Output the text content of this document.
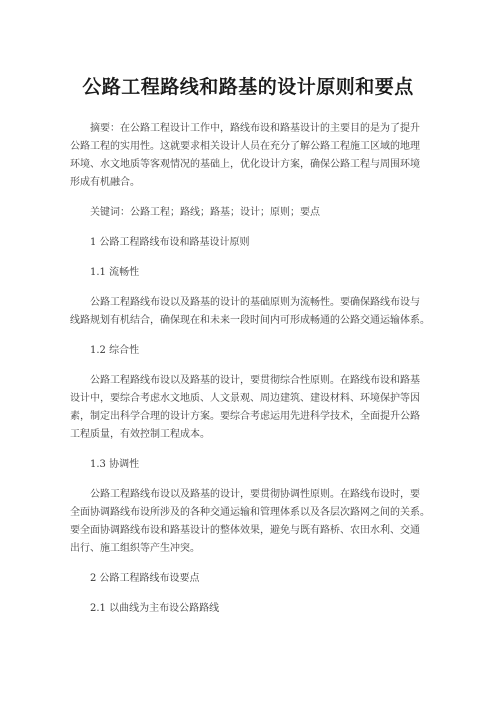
公路工程路线和路基的设计原则和要点
摘要：在公路工程设计工作中，路线布设和路基设计的主要目的是为了提升
公路工程的实用性。这就要求相关设计人员在充分了解公路工程施工区域的地理
环境、水文地质等客观情况的基础上，优化设计方案，确保公路工程与周围环境
形成有机融合。
关键词：公路工程；路线；路基；设计；原则；要点
1 公路工程路线布设和路基设计原则
1.1 流畅性
公路工程路线布设以及路基的设计的基础原则为流畅性。要确保路线布设与
线路规划有机结合，确保现在和未来一段时间内可形成畅通的公路交通运输体系。
1.2 综合性
公路工程路线布设以及路基的设计，要贯彻综合性原则。在路线布设和路基
设计中，要综合考虑水文地质、人文景观、周边建筑、建设材料、环境保护等因
素，制定出科学合理的设计方案。要综合考虑运用先进科学技术，全面提升公路
工程质量，有效控制工程成本。
1.3 协调性
公路工程路线布设以及路基的设计，要贯彻协调性原则。在路线布设时，要
全面协调路线布设所涉及的各种交通运输和管理体系以及各层次路网之间的关系。
要全面协调路线布设和路基设计的整体效果，避免与既有路桥、农田水利、交通
出行、施工组织等产生冲突。
2 公路工程路线布设要点
2.1 以曲线为主布设公路路线
